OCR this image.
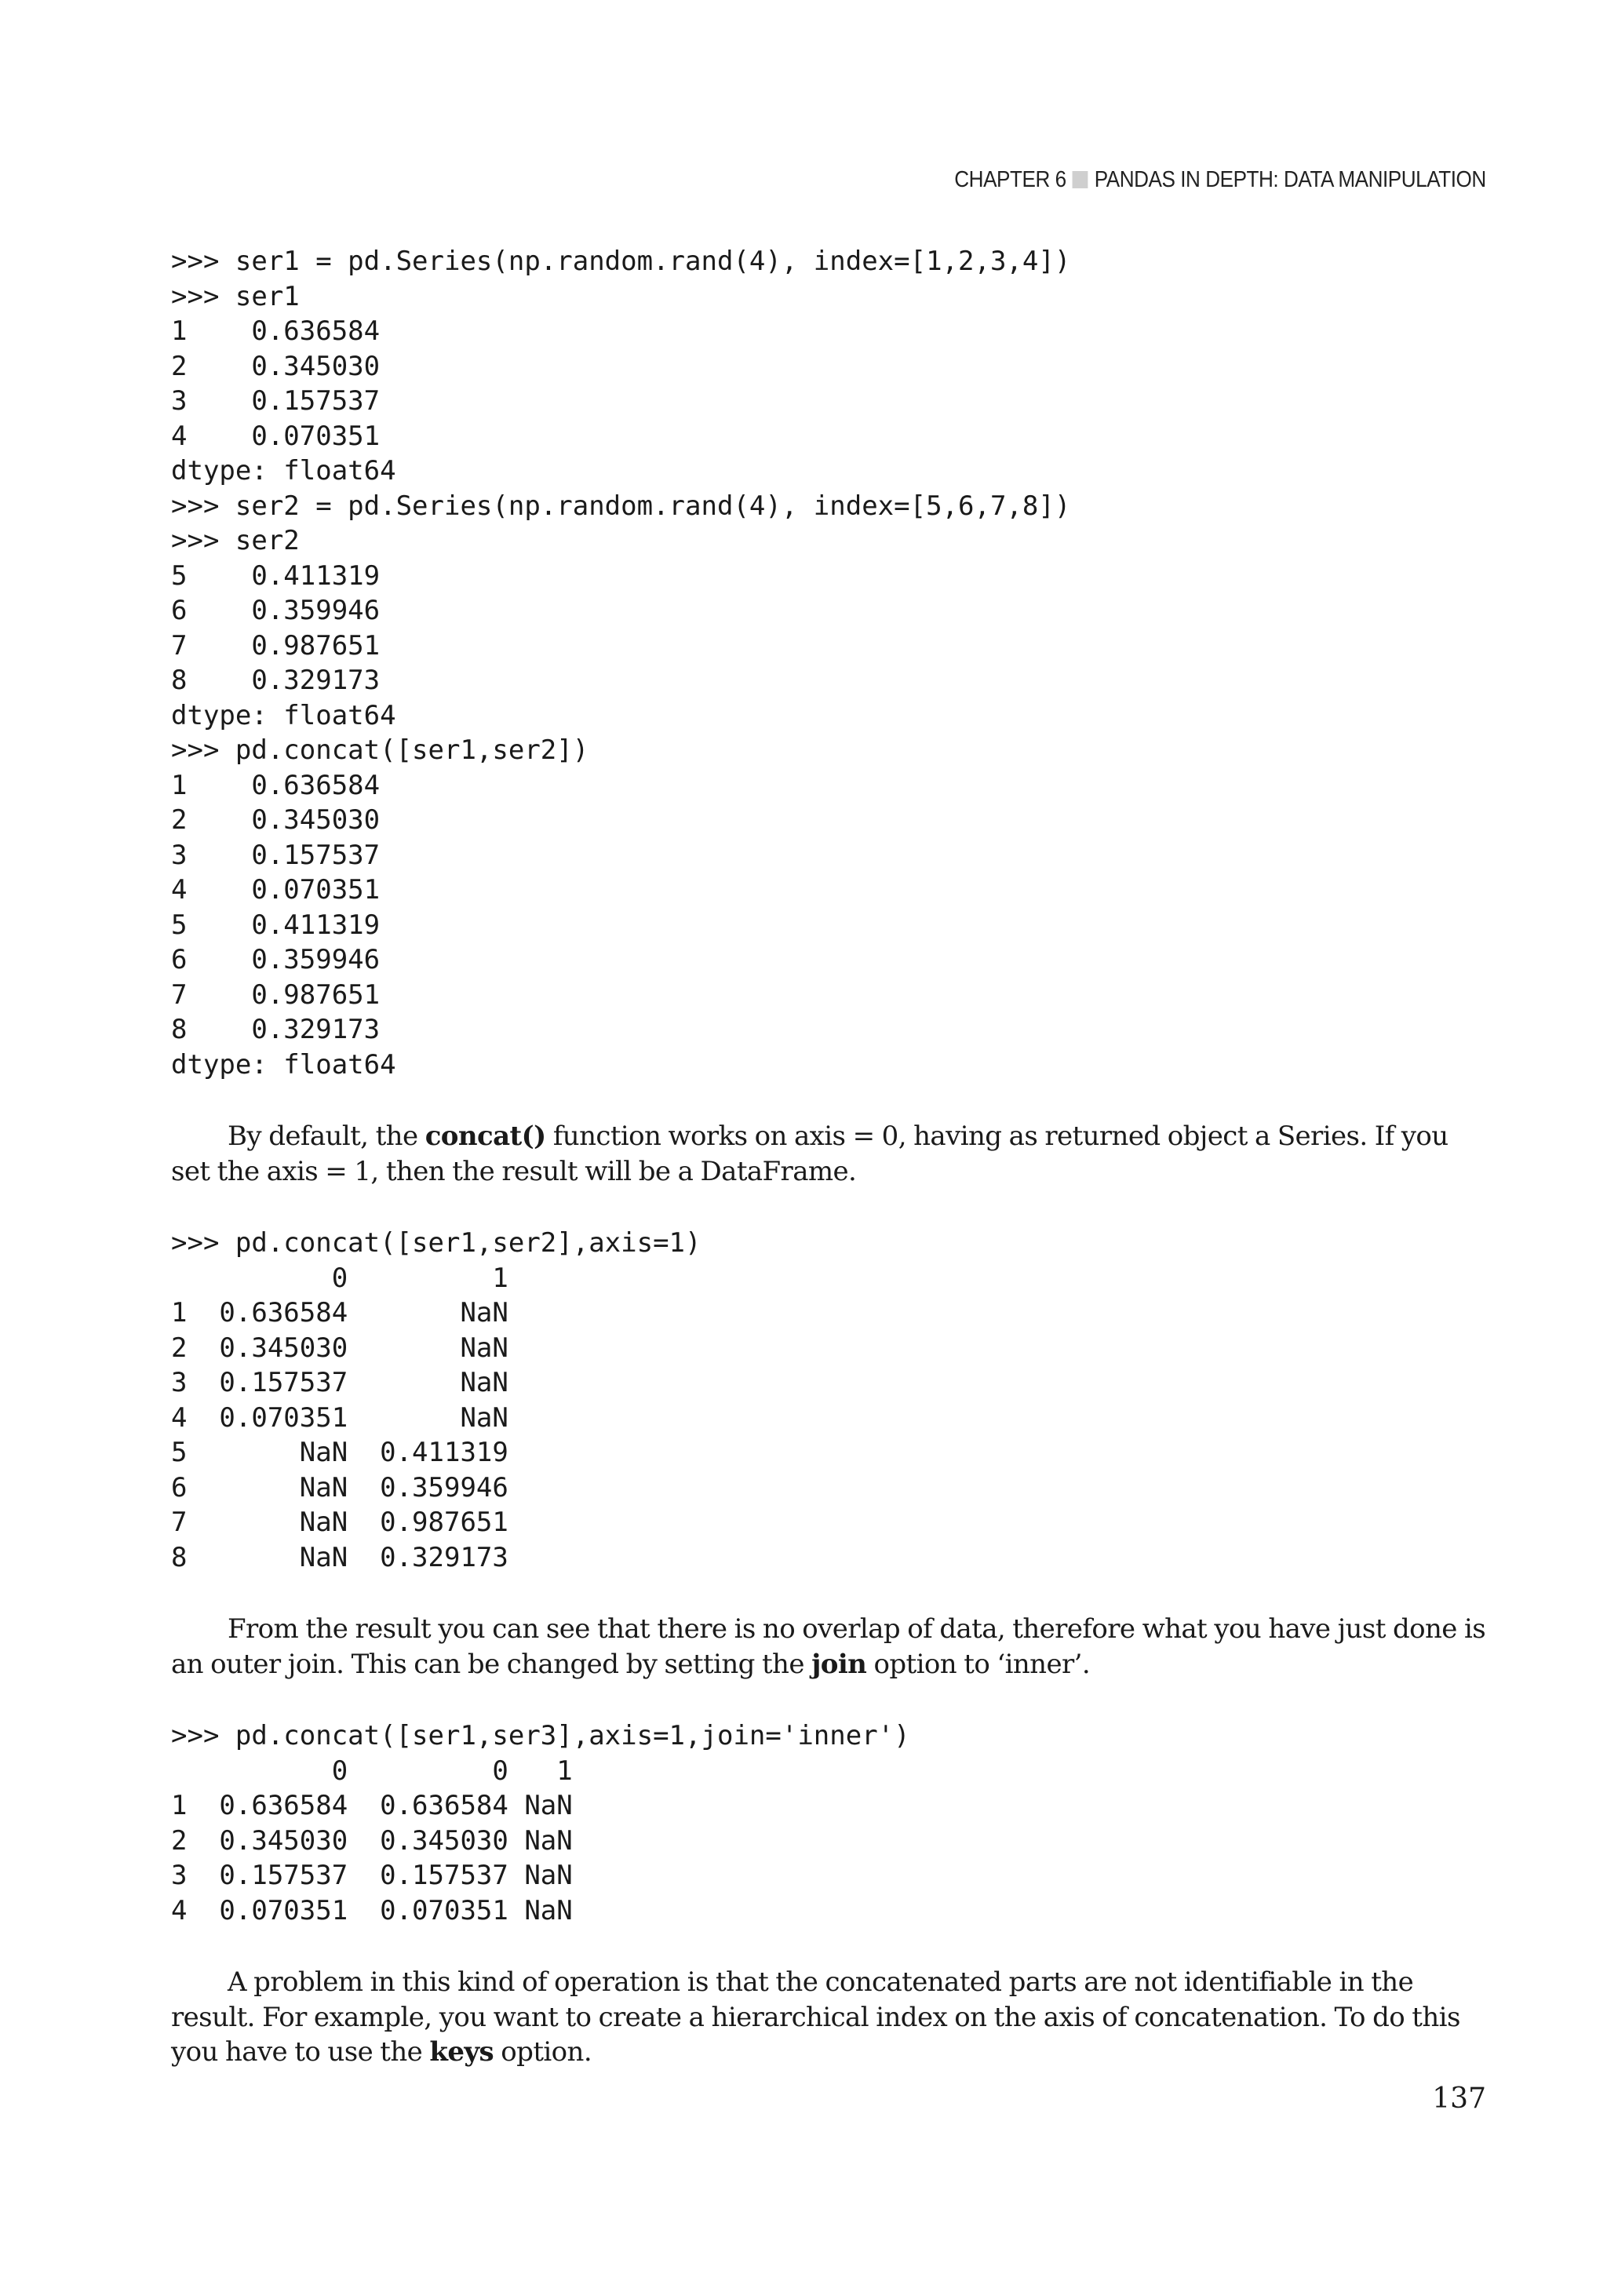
CHAPTER 6 PANDAS IN DEPTH: DATA MANIPULATION
>>> ser1 = pd.Series(np.random.rand(4), index=[1,2,3,4])
>>> ser1
1    0.636584
2    0.345030
3    0.157537
4    0.070351
dtype: float64
>>> ser2 = pd.Series(np.random.rand(4), index=[5,6,7,8])
>>> ser2
5    0.411319
6    0.359946
7    0.987651
8    0.329173
dtype: float64
>>> pd.concat([ser1,ser2])
1    0.636584
2    0.345030
3    0.157537
4    0.070351
5    0.411319
6    0.359946
7    0.987651
8    0.329173
dtype: float64

By default, the concat() function works on axis = 0, having as returned object a Series. If you set the axis = 1, then the result will be a DataFrame.

>>> pd.concat([ser1,ser2],axis=1)
0         1
1  0.636584       NaN
2  0.345030       NaN
3  0.157537       NaN
4  0.070351       NaN
5       NaN  0.411319
6       NaN  0.359946
7       NaN  0.987651
8       NaN  0.329173

From the result you can see that there is no overlap of data, therefore what you have just done is an outer join. This can be changed by setting the join option to ‘inner’.

>>> pd.concat([ser1,ser3],axis=1,join='inner')
0         0   1
1  0.636584  0.636584 NaN
2  0.345030  0.345030 NaN
3  0.157537  0.157537 NaN
4  0.070351  0.070351 NaN

A problem in this kind of operation is that the concatenated parts are not identifiable in the result. For example, you want to create a hierarchical index on the axis of concatenation. To do this you have to use the keys option.

137
